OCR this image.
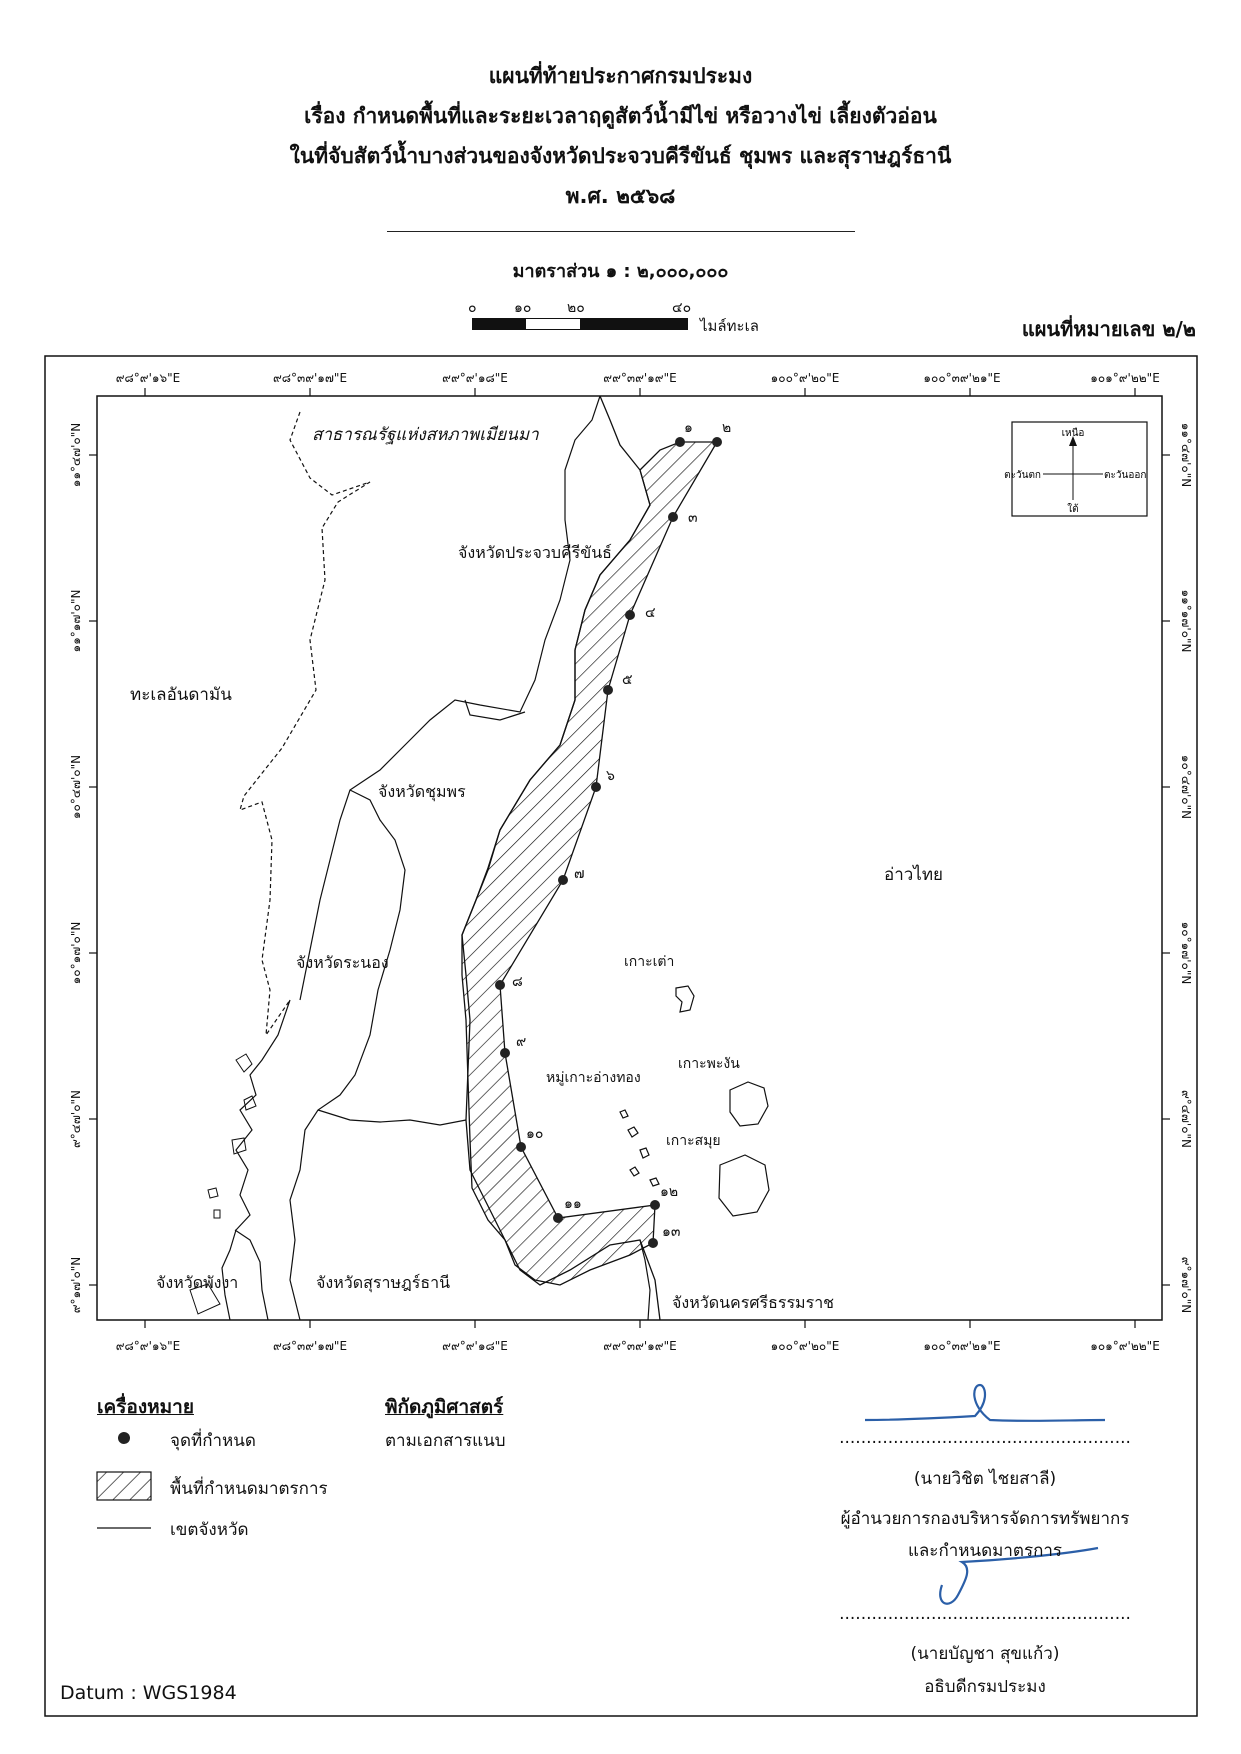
แผนที่ท้ายประกาศกรมประมง
เรื่อง กำหนดพื้นที่และระยะเวลาฤดูสัตว์น้ำมีไข่ หรือวางไข่ เลี้ยงตัวอ่อน
ในที่จับสัตว์น้ำบางส่วนของจังหวัดประจวบคีรีขันธ์ ชุมพร และสุราษฎร์ธานี
พ.ศ. ๒๕๖๘
มาตราส่วน ๑ : ๒,๐๐๐,๐๐๐
๐	๑๐	๒๐	๔๐
ไมล์ทะเล	แผนที่หมายเลข ๒/๒
๙๘°๙'๑๖"E	๙๘°๓๙'๑๗"E	๙๙°๙'๑๘"E	๙๙°๓๙'๑๙"E	๑๐๐°๙'๒๐"E	๑๐๐°๓๙'๒๑"E	๑๐๑°๙'๒๒"E
๙๘°๙'๑๖"E	๙๘°๓๙'๑๗"E	๙๙°๙'๑๘"E	๙๙°๓๙'๑๙"E	๑๐๐°๙'๒๐"E	๑๐๐°๓๙'๒๑"E	๑๐๑°๙'๒๒"E
๑๑°๔๗'๐"N
๑๑°๑๗'๐"N
๑๐°๔๗'๐"N
๑๐°๑๗'๐"N
๙°๔๗'๐"N
๙°๑๗'๐"N
๑๑°๔๗'๐"N
๑๑°๑๗'๐"N
๑๐°๔๗'๐"N
๑๐°๑๗'๐"N
๙°๔๗'๐"N
๙°๑๗'๐"N
๑ ๒
๓
๔
๕
๖
๗
๘
๙
๑๐
๑๑
๑๒
๑๓
สาธารณรัฐแห่งสหภาพเมียนมา
จังหวัดประจวบคีรีขันธ์
ทะเลอันดามัน
จังหวัดชุมพร
อ่าวไทย
จังหวัดระนอง	เกาะเต่า
เกาะพะงัน
หมู่เกาะอ่างทอง
เกาะสมุย
จังหวัดพังงา	จังหวัดสุราษฎร์ธานี
จังหวัดนครศรีธรรมราช
เหนือ
ใต้
ตะวันตก	ตะวันออก
เครื่องหมาย
จุดที่กำหนด
พื้นที่กำหนดมาตรการ
เขตจังหวัด
พิกัดภูมิศาสตร์
ตามเอกสารแนบ	......................................................
(นายวิชิต ไชยสาลี)
ผู้อำนวยการกองบริหารจัดการทรัพยากร
และกำหนดมาตรการ
......................................................
(นายบัญชา สุขแก้ว)
อธิบดีกรมประมง
Datum : WGS1984
